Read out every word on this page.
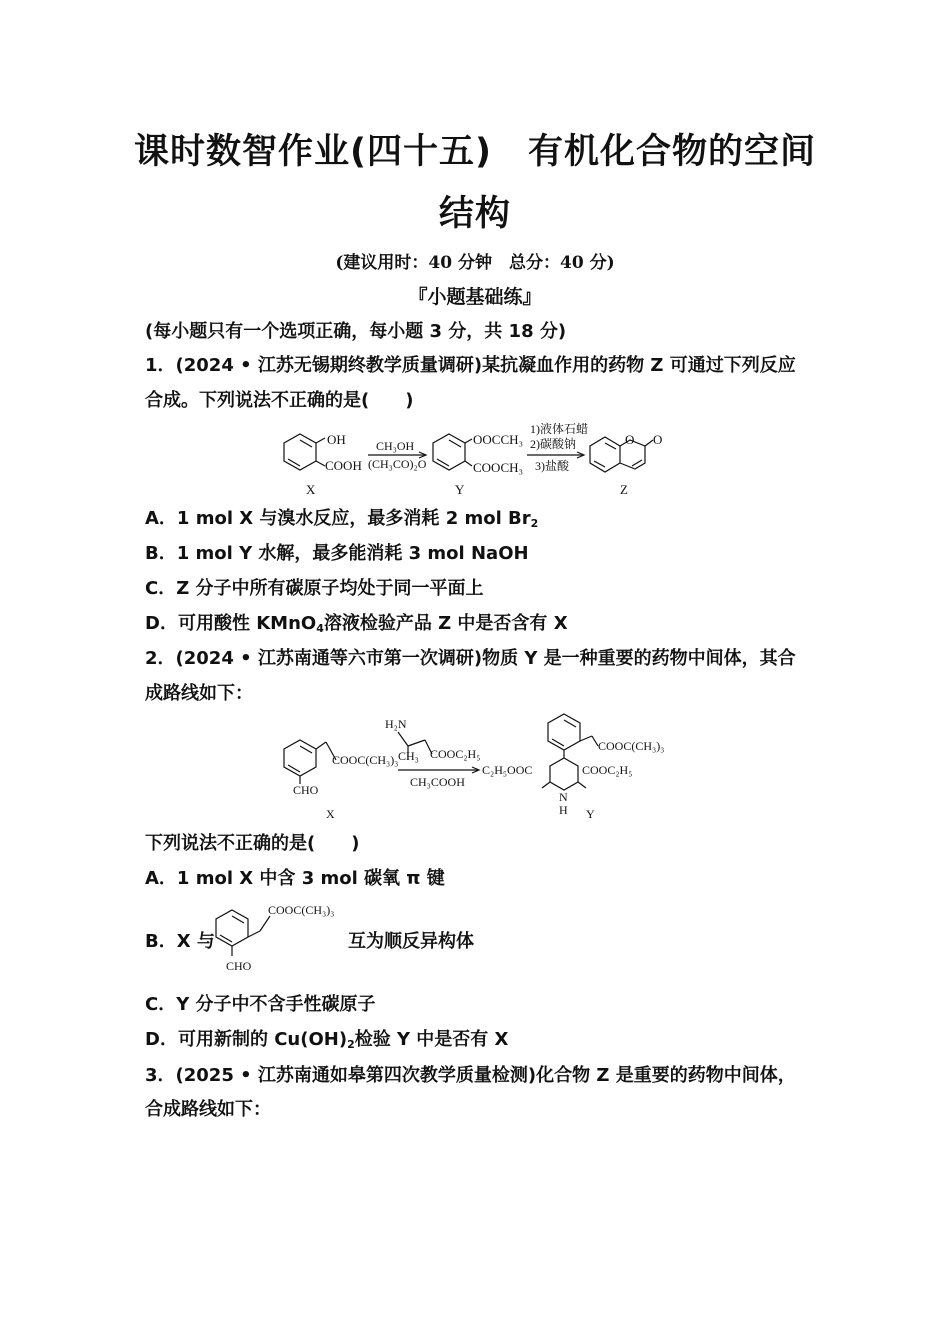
课时数智作业(四十五)　有机化合物的空间
结构
(建议用时：40 分钟　总分：40 分)
『小题基础练』
(每小题只有一个选项正确，每小题 3 分，共 18 分)
1．(2024 • 江苏无锡期终教学质量调研)某抗凝血作用的药物 Z 可通过下列反应
合成。下列说法不正确的是(　　)
OH
COOH
X
CH₃OH
(CH₃CO)₂O
OOCCH₃
COOCH₃
Y
1)液体石蜡
2)碳酸钠
3)盐酸
O O
Z
A．1 mol X 与溴水反应，最多消耗 2 mol $Br_2$
B．1 mol Y 水解，最多能消耗 3 mol NaOH
C．Z 分子中所有碳原子均处于同一平面上
D．可用酸性 KMnO$_4$溶液检验产品 Z 中是否含有 X
2．(2024 • 江苏南通等六市第一次调研)物质 Y 是一种重要的药物中间体，其合
成路线如下：
COOC(CH₃)₃
CHO
X
H₂N
CH₃ COOC₂H₅
CH₃COOH
C₂H₅OOC	COOC₂H₅
COOC(CH₃)₃
N
H Y
下列说法不正确的是(　　)
A．1 mol X 中含 3 mol 碳氧 π 键
B．X 与
COOC(CH₃)₃
CHO
互为顺反异构体
C．Y 分子中不含手性碳原子
D．可用新制的 $Cu(OH)_2$检验 Y 中是否有 X
3．(2025 • 江苏南通如皋第四次教学质量检测)化合物 Z 是重要的药物中间体，
合成路线如下：
